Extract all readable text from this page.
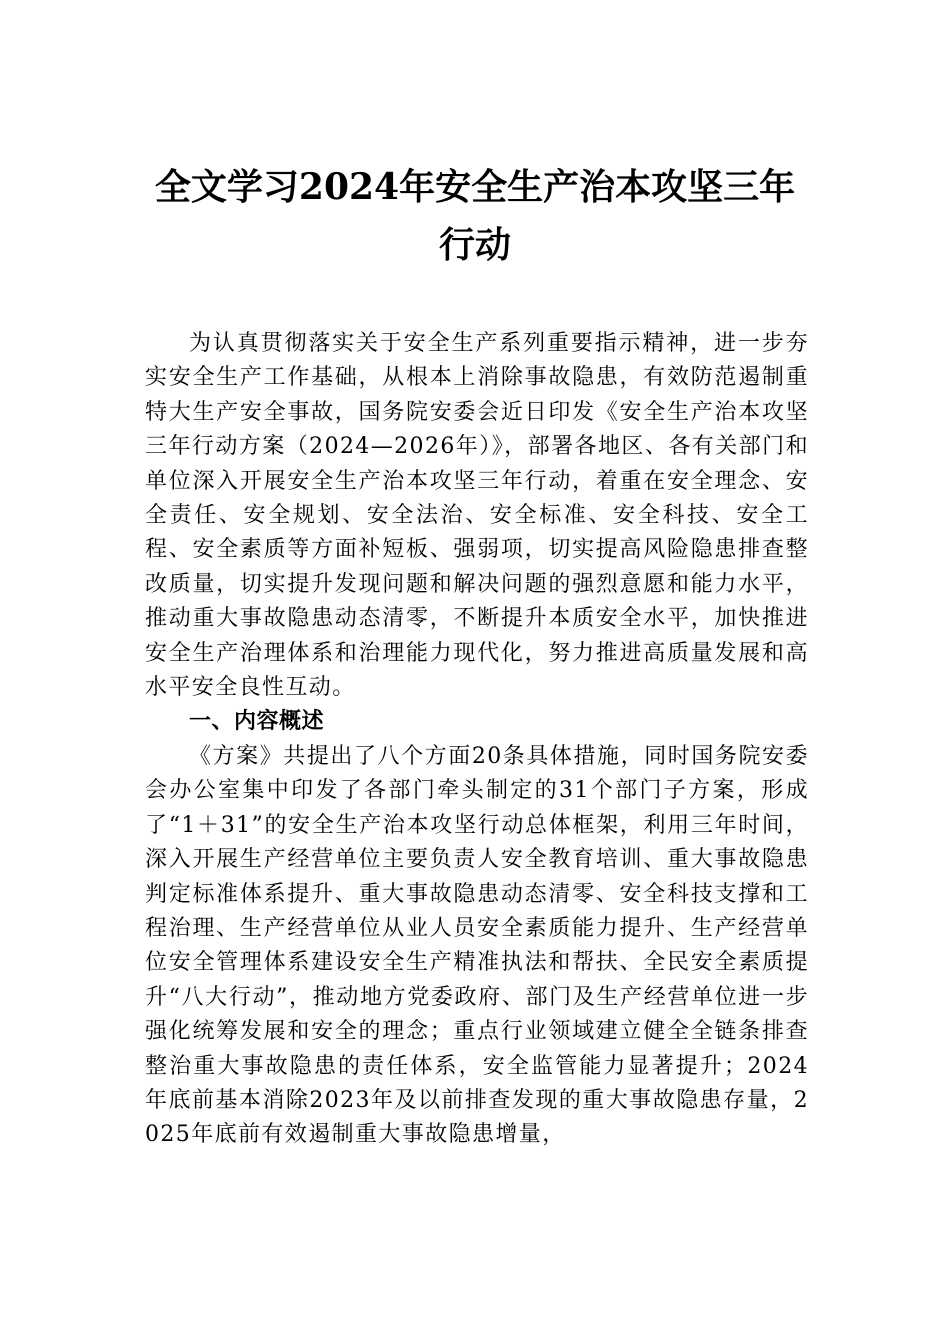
全文学习2024年安全生产治本攻坚三年行动

为认真贯彻落实关于安全生产系列重要指示精神，进一步夯实安全生产工作基础，从根本上消除事故隐患，有效防范遏制重特大生产安全事故，国务院安委会近日印发《安全生产治本攻坚三年行动方案（2024—2026年）》，部署各地区、各有关部门和单位深入开展安全生产治本攻坚三年行动，着重在安全理念、安全责任、安全规划、安全法治、安全标准、安全科技、安全工程、安全素质等方面补短板、强弱项，切实提高风险隐患排查整改质量，切实提升发现问题和解决问题的强烈意愿和能力水平，推动重大事故隐患动态清零，不断提升本质安全水平，加快推进安全生产治理体系和治理能力现代化，努力推进高质量发展和高水平安全良性互动。

一、内容概述

《方案》共提出了八个方面20条具体措施，同时国务院安委会办公室集中印发了各部门牵头制定的31个部门子方案，形成了“1＋31”的安全生产治本攻坚行动总体框架，利用三年时间，深入开展生产经营单位主要负责人安全教育培训、重大事故隐患判定标准体系提升、重大事故隐患动态清零、安全科技支撑和工程治理、生产经营单位从业人员安全素质能力提升、生产经营单位安全管理体系建设安全生产精准执法和帮扶、全民安全素质提升“八大行动”，推动地方党委政府、部门及生产经营单位进一步强化统筹发展和安全的理念；重点行业领域建立健全全链条排查整治重大事故隐患的责任体系，安全监管能力显著提升；2024年底前基本消除2023年及以前排查发现的重大事故隐患存量，2025年底前有效遏制重大事故隐患增量，
